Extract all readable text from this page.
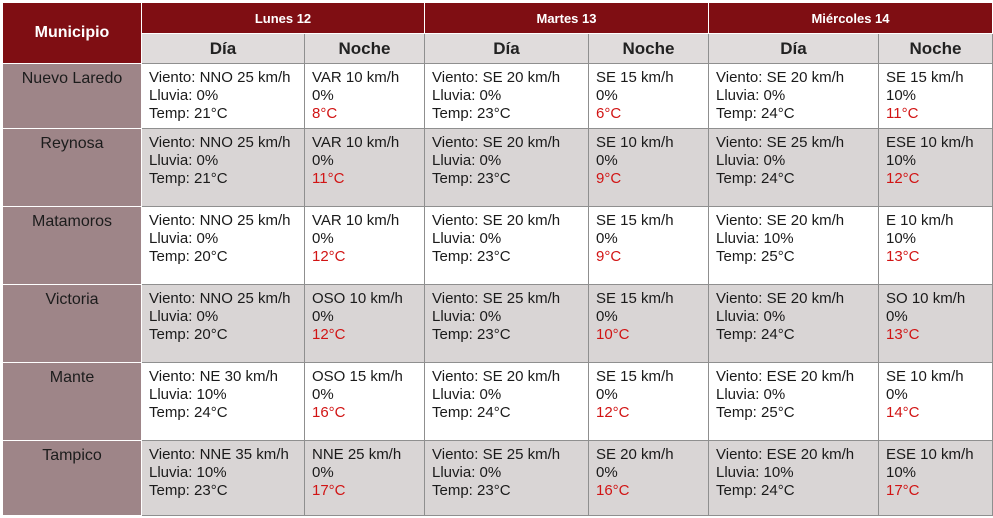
Municipio	Lunes 12		Martes 13		Miércoles 14	
	Día	Noche	Día	Noche	Día	Noche
Nuevo Laredo	Viento: NNO 25 km/h
Lluvia: 0%
Temp: 21°C	VAR 10 km/h
0%
8°C	Viento: SE 20 km/h
Lluvia: 0%
Temp: 23°C	SE 15 km/h
0%
6°C	Viento: SE 20 km/h
Lluvia: 0%
Temp: 24°C	SE 15 km/h
10%
11°C

Reynosa	Viento: NNO 25 km/h
Lluvia: 0%
Temp: 21°C	VAR 10 km/h
0%
11°C	Viento: SE 20 km/h
Lluvia: 0%
Temp: 23°C	SE 10 km/h
0%
9°C	Viento: SE 25 km/h
Lluvia: 0%
Temp: 24°C	ESE 10 km/h
10%
12°C

Matamoros	Viento: NNO 25 km/h
Lluvia: 0%
Temp: 20°C	VAR 10 km/h
0%
12°C	Viento: SE 20 km/h
Lluvia: 0%
Temp: 23°C	SE 15 km/h
0%
9°C	Viento: SE 20 km/h
Lluvia: 10%
Temp: 25°C	E 10 km/h
10%
13°C

Victoria	Viento: NNO 25 km/h
Lluvia: 0%
Temp: 20°C	OSO 10 km/h
0%
12°C	Viento: SE 25 km/h
Lluvia: 0%
Temp: 23°C	SE 15 km/h
0%
10°C	Viento: SE 20 km/h
Lluvia: 0%
Temp: 24°C	SO 10 km/h
0%
13°C

Mante	Viento: NE 30 km/h
Lluvia: 10%
Temp: 24°C	OSO 15 km/h
0%
16°C	Viento: SE 20 km/h
Lluvia: 0%
Temp: 24°C	SE 15 km/h
0%
12°C	Viento: ESE 20 km/h
Lluvia: 0%
Temp: 25°C	SE 10 km/h
0%
14°C

Tampico	Viento: NNE 35 km/h
Lluvia: 10%
Temp: 23°C	NNE 25 km/h
0%
17°C	Viento: SE 25 km/h
Lluvia: 0%
Temp: 23°C	SE 20 km/h
0%
16°C	Viento: ESE 20 km/h
Lluvia: 10%
Temp: 24°C	ESE 10 km/h
10%
17°C
